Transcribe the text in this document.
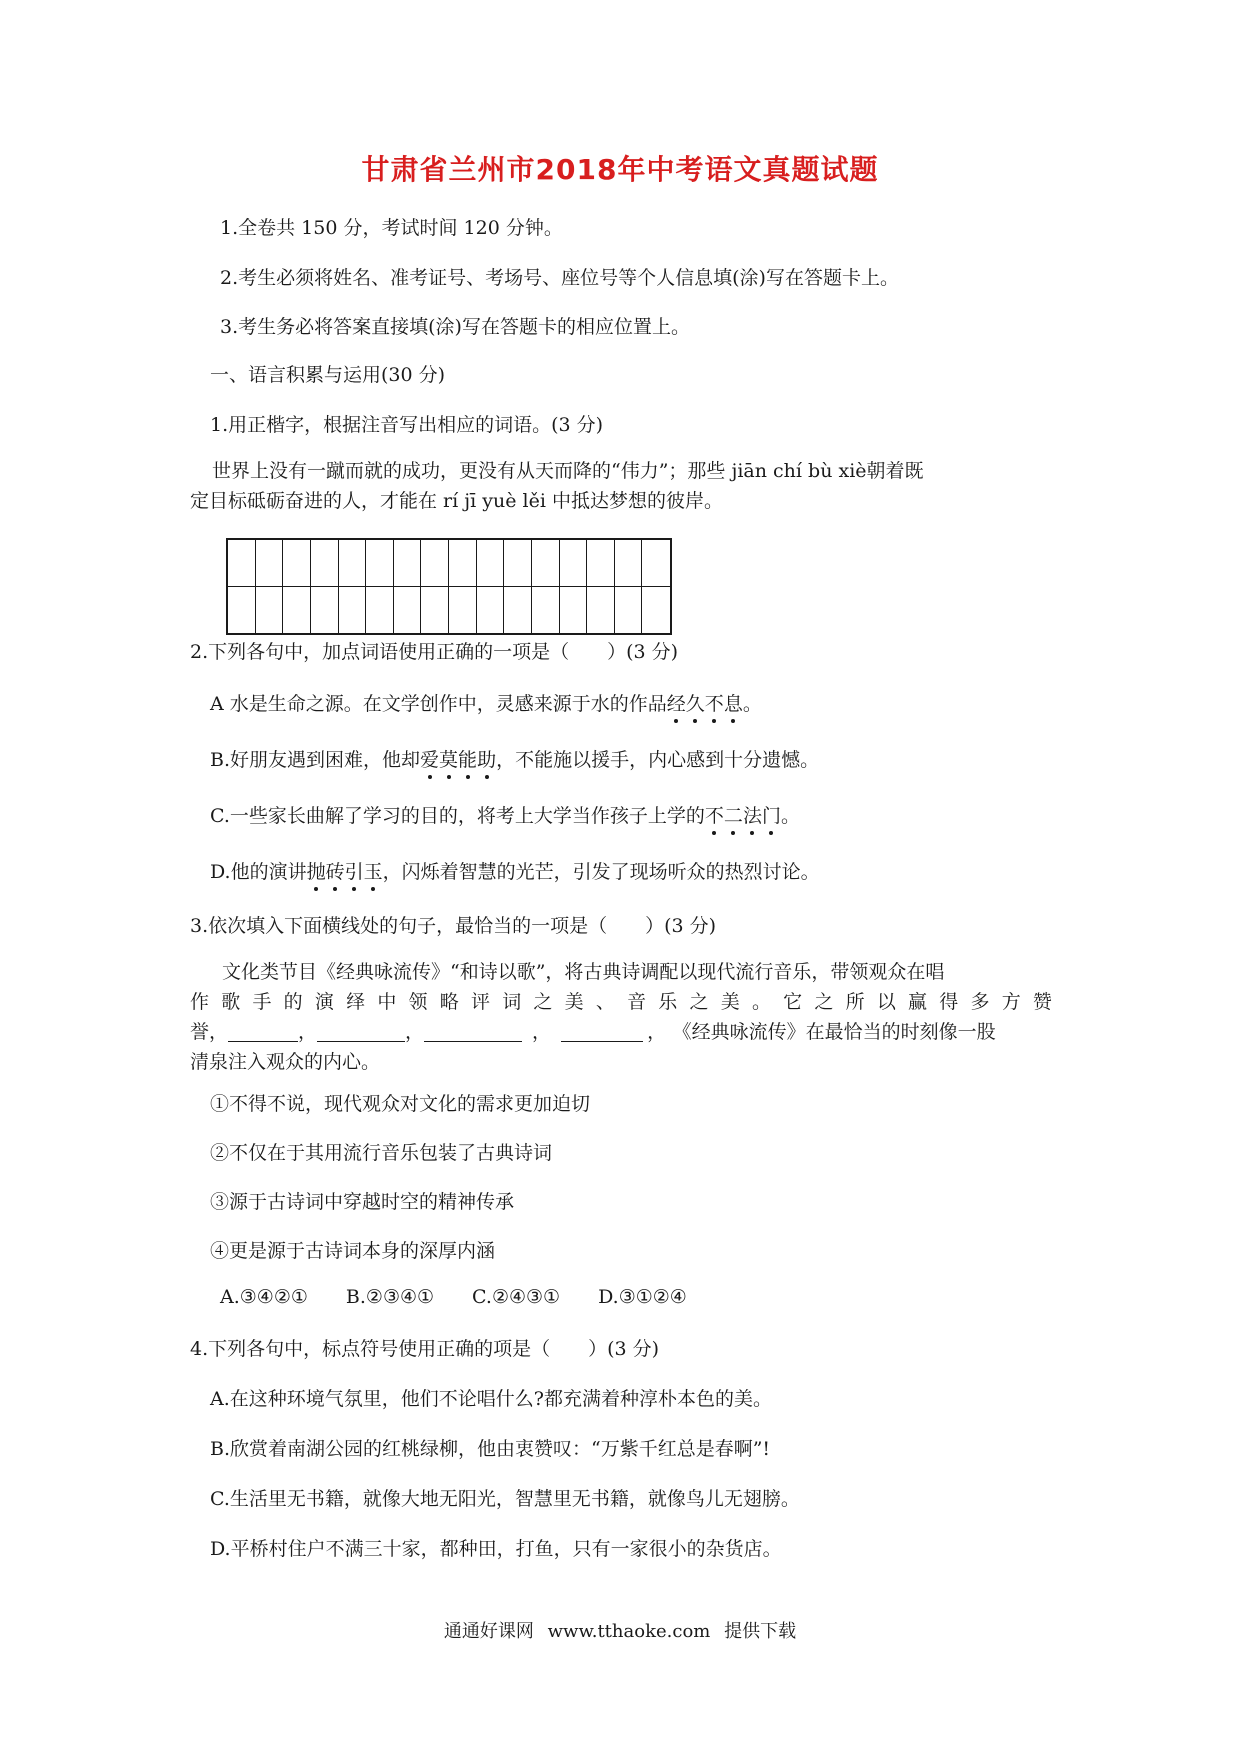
甘肃省兰州市2018年中考语文真题试题
1.全卷共 150 分，考试时间 120 分钟。
2.考生必须将姓名、准考证号、考场号、座位号等个人信息填(涂)写在答题卡上。
3.考生务必将答案直接填(涂)写在答题卡的相应位置上。
一、语言积累与运用(30 分)
1.用正楷字，根据注音写出相应的词语。(3 分)
世界上没有一蹴而就的成功，更没有从天而降的“伟力”；那些 jiān chí bù xiè朝着既
定目标砥砺奋进的人，才能在 rí jī yuè lěi 中抵达梦想的彼岸。
2.下列各句中，加点词语使用正确的一项是（　　）(3 分)
A 水是生命之源。在文学创作中，灵感来源于水的作品经久不息。
B.好朋友遇到困难，他却爱莫能助，不能施以援手，内心感到十分遗憾。
C.一些家长曲解了学习的目的，将考上大学当作孩子上学的不二法门。
D.他的演讲抛砖引玉，闪烁着智慧的光芒，引发了现场听众的热烈讨论。
3.依次填入下面横线处的句子，最恰当的一项是（　　）(3 分)
文化类节目《经典咏流传》“和诗以歌”，将古典诗调配以现代流行音乐，带领观众在唱
作 歌 手 的 演 绎 中 领 略 评 词 之 美 、 音 乐 之 美 。 它 之 所 以 赢 得 多 方 赞
誉，	，	，	，	， 《经典咏流传》在最恰当的时刻像一股
清泉注入观众的内心。
①不得不说，现代观众对文化的需求更加迫切
②不仅在于其用流行音乐包装了古典诗词
③源于古诗词中穿越时空的精神传承
④更是源于古诗词本身的深厚内涵
A.③④②① B.②③④① C.②④③① D.③①②④
4.下列各句中，标点符号使用正确的项是（　　）(3 分)
A.在这种环境气氛里，他们不论唱什么?都充满着种淳朴本色的美。
B.欣赏着南湖公园的红桃绿柳，他由衷赞叹：“万紫千红总是春啊”!
C.生活里无书籍，就像大地无阳光，智慧里无书籍，就像鸟儿无翅膀。
D.平桥村住户不满三十家，都种田，打鱼，只有一家很小的杂货店。
通通好课网 www.tthaoke.com 提供下载
